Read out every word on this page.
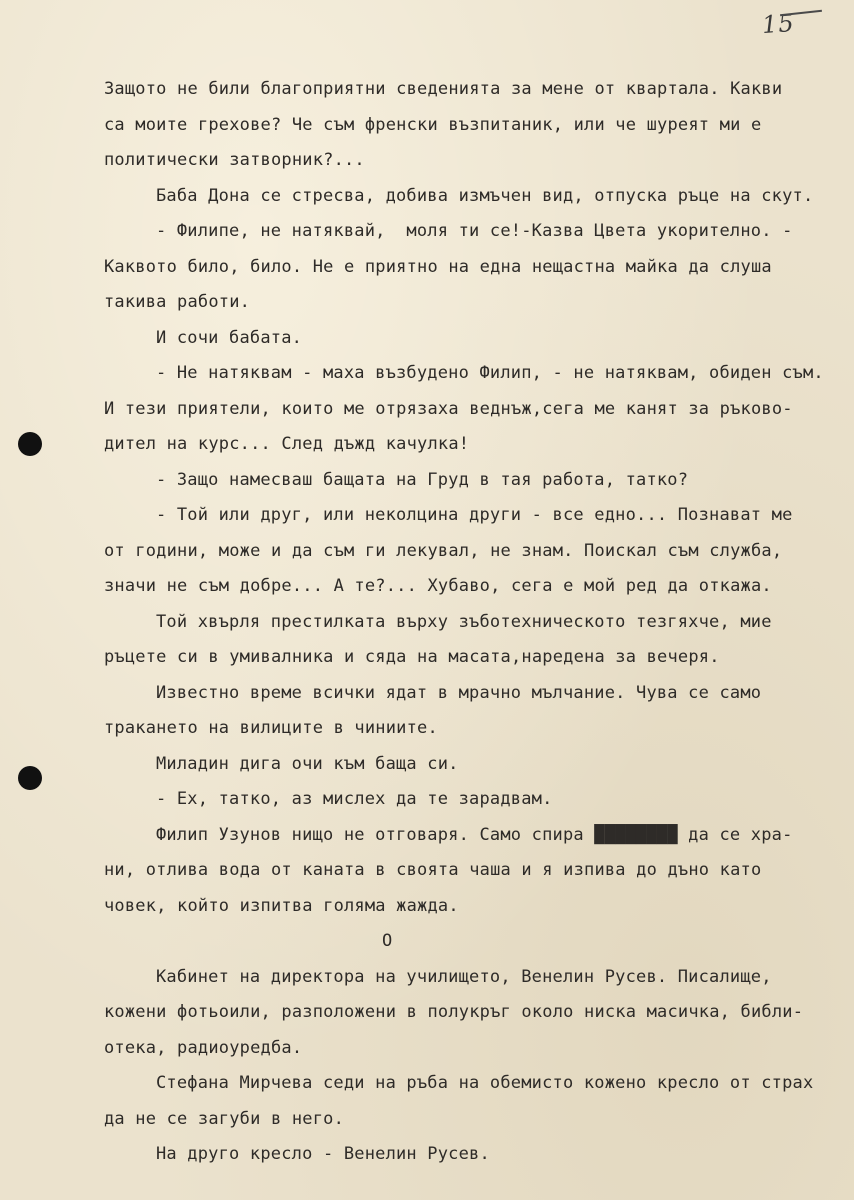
15
Защото не били благоприятни сведенията за мене от квартала. Какви
са моите грехове? Че съм френски възпитаник, или че шуреят ми е
политически затворник?...
Баба Дона се стресва, добива измъчен вид, отпуска ръце на скут.
- Филипе, не натяквай,  моля ти се!-Казва Цвета укорително. -
Каквото било, било. Не е приятно на една нещастна майка да слуша
такива работи.
И сочи бабата.
- Не натяквам - маха възбудено Филип, - не натяквам, обиден съм.
И тези приятели, които ме отрязаха веднъж,сега ме канят за ръково-
дител на курс... След дъжд качулка!
- Защо намесваш бащата на Груд в тая работа, татко?
- Той или друг, или неколцина други - все едно... Познават ме
от години, може и да съм ги лекувал, не знам. Поискал съм служба,
значи не съм добре... А те?... Хубаво, сега е мой ред да откажа.
Той хвърля престилката върху зъботехническото тезгяхче, мие
ръцете си в умивалника и сяда на масата,наредена за вечеря.
Известно време всички ядат в мрачно мълчание. Чува се само
тракането на вилиците в чиниите.
Миладин дига очи към баща си.
- Ех, татко, аз мислех да те зарадвам.
Филип Узунов нищо не отговаря. Само спира ████████ да се хра-
ни, отлива вода от каната в своята чаша и я изпива до дъно като
човек, който изпитва голяма жажда.
О
Кабинет на директора на училището, Венелин Русев. Писалище,
кожени фотьоили, разположени в полукръг около ниска масичка, библи-
отека, радиоуредба.
Стефана Мирчева седи на ръба на обемисто кожено кресло от страх
да не се загуби в него.
На друго кресло - Венелин Русев.
